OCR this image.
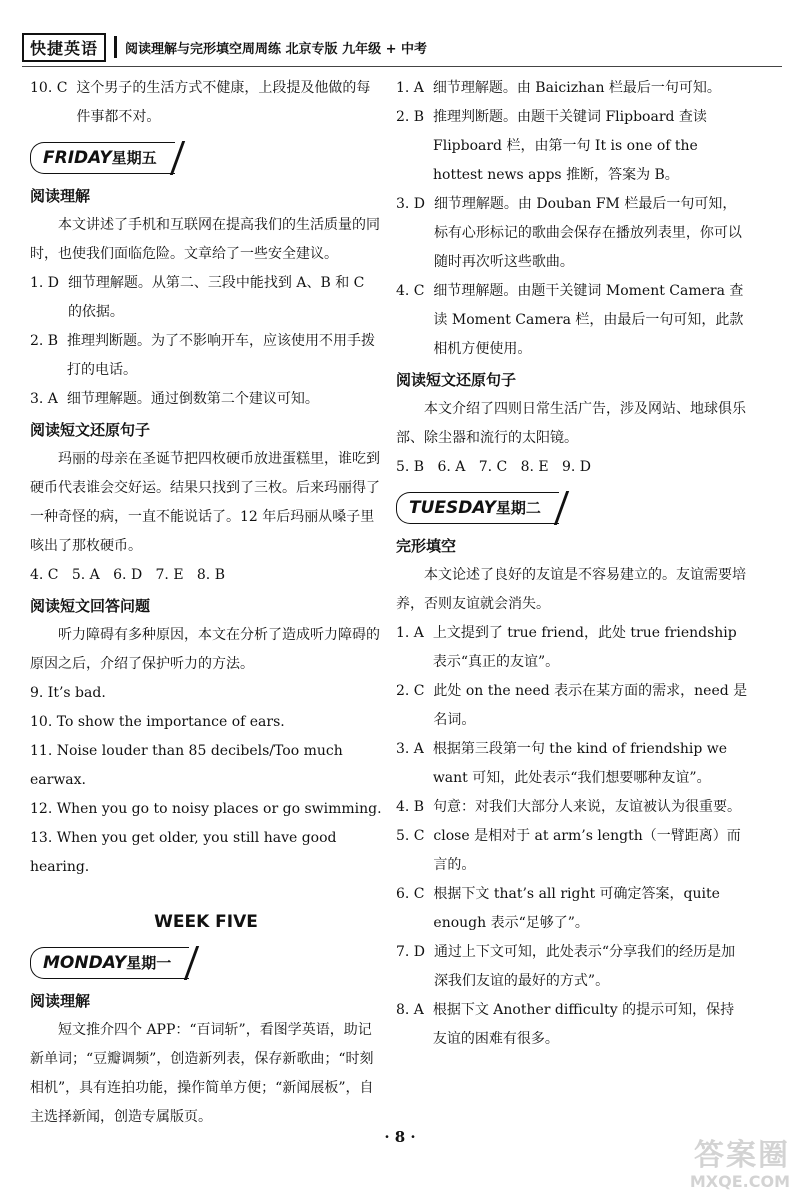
快捷英语	阅读理解与完形填空周周练 北京专版 九年级 + 中考
10. C 这个男子的生活方式不健康，上段提及他做的每件事都不对。
FRIDAY星期五
阅读理解
本文讲述了手机和互联网在提高我们的生活质量的同时，也使我们面临危险。文章给了一些安全建议。
1. D 细节理解题。从第二、三段中能找到 A、B 和 C 的依据。
2. B 推理判断题。为了不影响开车，应该使用不用手拨打的电话。
3. A 细节理解题。通过倒数第二个建议可知。
阅读短文还原句子
玛丽的母亲在圣诞节把四枚硬币放进蛋糕里，谁吃到硬币代表谁会交好运。结果只找到了三枚。后来玛丽得了一种奇怪的病，一直不能说话了。12 年后玛丽从嗓子里咳出了那枚硬币。
4. C   5. A   6. D   7. E   8. B
阅读短文回答问题
听力障碍有多种原因，本文在分析了造成听力障碍的原因之后，介绍了保护听力的方法。
9. It’s bad.
10. To show the importance of ears.
11. Noise louder than 85 decibels/Too much earwax.
12. When you go to noisy places or go swimming.
13. When you get older, you still have good hearing.
WEEK FIVE
MONDAY星期一
阅读理解
短文推介四个 APP：“百词斩”，看图学英语，助记新单词；“豆瓣调频”，创造新列表，保存新歌曲；“时刻相机”，具有连拍功能，操作简单方便；“新闻展板”，自主选择新闻，创造专属版页。
1. A 细节理解题。由 Baicizhan 栏最后一句可知。
2. B 推理判断题。由题干关键词 Flipboard 查读 Flipboard 栏，由第一句 It is one of the hottest news apps 推断，答案为 B。
3. D 细节理解题。由 Douban FM 栏最后一句可知，标有心形标记的歌曲会保存在播放列表里，你可以随时再次听这些歌曲。
4. C 细节理解题。由题干关键词 Moment Camera 查读 Moment Camera 栏，由最后一句可知，此款相机方便使用。
阅读短文还原句子
本文介绍了四则日常生活广告，涉及网站、地球俱乐部、除尘器和流行的太阳镜。
5. B   6. A   7. C   8. E   9. D
TUESDAY星期二
完形填空
本文论述了良好的友谊是不容易建立的。友谊需要培养，否则友谊就会消失。
1. A 上文提到了 true friend，此处 true friendship 表示“真正的友谊”。
2. C 此处 on the need 表示在某方面的需求，need 是名词。
3. A 根据第三段第一句 the kind of friendship we want 可知，此处表示“我们想要哪种友谊”。
4. B 句意：对我们大部分人来说，友谊被认为很重要。
5. C close 是相对于 at arm’s length（一臂距离）而言的。
6. C 根据下文 that’s all right 可确定答案，quite enough 表示“足够了”。
7. D 通过上下文可知，此处表示“分享我们的经历是加深我们友谊的最好的方式”。
8. A 根据下文 Another difficulty 的提示可知，保持友谊的困难有很多。
· 8 ·
答案圈
MXQE.COM
